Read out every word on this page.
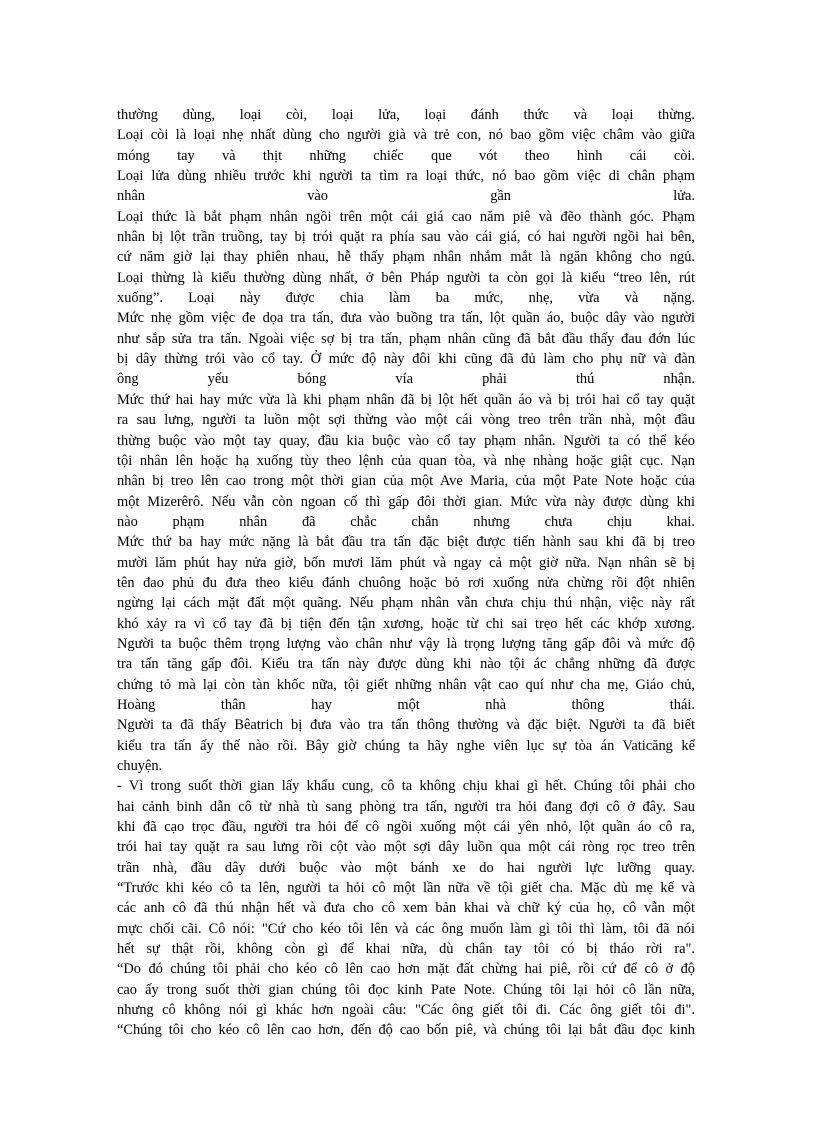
thường dùng, loại còi, loại lửa, loại đánh thức và loại thừng.
Loại còi là loại nhẹ nhất dùng cho người già và trẻ con, nó bao gồm việc châm vào giữa
móng tay và thịt những chiếc que vót theo hình cái còi.
Loại lửa dùng nhiều trước khi người ta tìm ra loại thức, nó bao gồm việc di chân phạm
nhân vào gần lửa.
Loại thức là bắt phạm nhân ngồi trên một cái giá cao năm piê và đẽo thành góc. Phạm
nhân bị lột trần truồng, tay bị trói quặt ra phía sau vào cái giá, có hai người ngồi hai bên,
cứ năm giờ lại thay phiên nhau, hễ thấy phạm nhân nhắm mắt là ngăn không cho ngủ.
Loại thừng là kiểu thường dùng nhất, ở bên Pháp người ta còn gọi là kiểu “treo lên, rút
xuống”. Loại này được chia làm ba mức, nhẹ, vừa và nặng.
Mức nhẹ gồm việc đe dọa tra tấn, đưa vào buồng tra tấn, lột quần áo, buộc dây vào người
như sắp sửa tra tấn. Ngoài việc sợ bị tra tấn, phạm nhân cũng đã bắt đầu thấy đau đớn lúc
bị dây thừng trói vào cổ tay. Ở mức độ này đôi khi cũng đã đủ làm cho phụ nữ và đàn
ông yếu bóng vía phải thú nhận.
Mức thứ hai hay mức vừa là khi phạm nhân đã bị lột hết quần áo và bị trói hai cổ tay quặt
ra sau lưng, người ta luồn một sợi thừng vào một cái vòng treo trên trần nhà, một đầu
thừng buộc vào một tay quay, đầu kia buộc vào cổ tay phạm nhân. Người ta có thể kéo
tội nhân lên hoặc hạ xuống tùy theo lệnh của quan tòa, và nhẹ nhàng hoặc giật cục. Nạn
nhân bị treo lên cao trong một thời gian của một Ave Maria, của một Pate Note hoặc của
một Mizerêrô. Nếu vẫn còn ngoan cố thì gấp đôi thời gian. Mức vừa này được dùng khi
nào phạm nhân đã chắc chắn nhưng chưa chịu khai.
Mức thứ ba hay mức nặng là bắt đầu tra tấn đặc biệt được tiến hành sau khi đã bị treo
mười lăm phút hay nửa giờ, bốn mươi lăm phút và ngay cả một giờ nữa. Nạn nhân sẽ bị
tên đao phủ đu đưa theo kiểu đánh chuông hoặc bỏ rơi xuống nửa chừng rồi đột nhiên
ngừng lại cách mặt đất một quãng. Nếu phạm nhân vẫn chưa chịu thú nhận, việc này rất
khó xảy ra vì cổ tay đã bị tiện đến tận xương, hoặc từ chi sai trẹo hết các khớp xương.
Người ta buộc thêm trọng lượng vào chân như vậy là trọng lượng tăng gấp đôi và mức độ
tra tấn tăng gấp đôi. Kiểu tra tấn này được dùng khi nào tội ác chẳng những đã được
chứng tỏ mà lại còn tàn khốc nữa, tội giết những nhân vật cao quí như cha mẹ, Giáo chủ,
Hoàng thân hay một nhà thông thái.
Người ta đã thấy Bêatrich bị đưa vào tra tấn thông thường và đặc biệt. Người ta đã biết
kiểu tra tấn ấy thế nào rồi. Bây giờ chúng ta hãy nghe viên lục sự tòa án Vaticăng kể
chuyện.
- Vì trong suốt thời gian lấy khẩu cung, cô ta không chịu khai gì hết. Chúng tôi phải cho
hai cảnh binh dẫn cô từ nhà tù sang phòng tra tấn, người tra hỏi đang đợi cô ở đây. Sau
khi đã cạo trọc đầu, người tra hỏi để cô ngồi xuống một cái yên nhỏ, lột quần áo cô ra,
trói hai tay quặt ra sau lưng rồi cột vào một sợi dây luồn qua một cái ròng rọc treo trên
trần nhà, đầu dây dưới buộc vào một bánh xe do hai người lực lưỡng quay.
“Trước khi kéo cô ta lên, người ta hỏi cô một lần nữa về tội giết cha. Mặc dù mẹ kế và
các anh cô đã thú nhận hết và đưa cho cô xem bản khai và chữ ký của họ, cô vẫn một
mực chối cãi. Cô nói: "Cứ cho kéo tôi lên và các ông muốn làm gì tôi thì làm, tôi đã nói
hết sự thật rồi, không còn gì để khai nữa, dù chân tay tôi có bị tháo rời ra".
“Do đó chúng tôi phải cho kéo cô lên cao hơn mặt đất chừng hai piê, rồi cứ để cô ở độ
cao ấy trong suốt thời gian chúng tôi đọc kinh Pate Note. Chúng tôi lại hỏi cô lần nữa,
nhưng cô không nói gì khác hơn ngoài câu: "Các ông giết tôi đi. Các ông giết tôi đi".
“Chúng tôi cho kéo cô lên cao hơn, đến độ cao bốn piê, và chúng tôi lại bắt đầu đọc kinh
